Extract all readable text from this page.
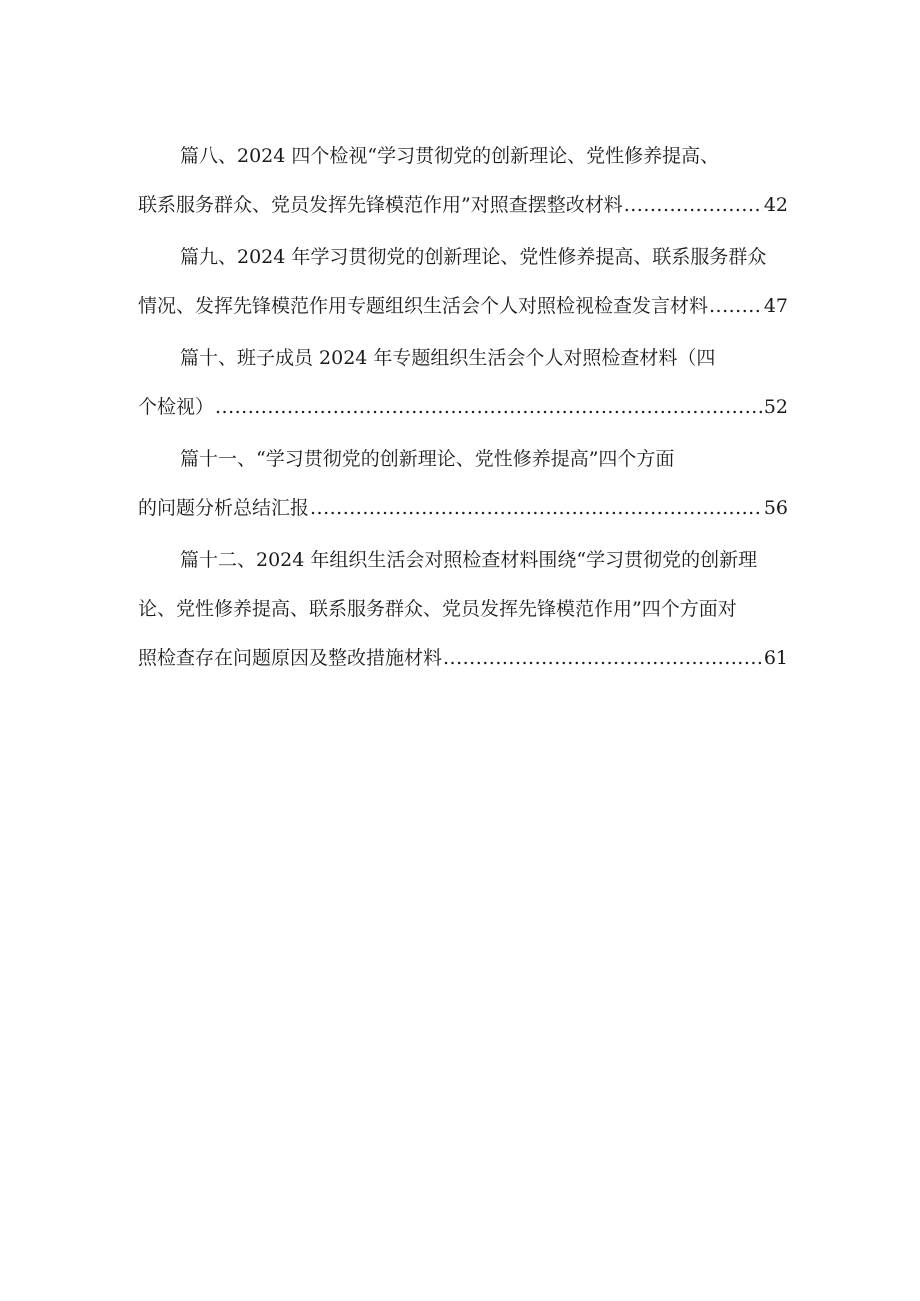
篇八、2024 四个检视“学习贯彻党的创新理论、党性修养提高、
联系服务群众、党员发挥先锋模范作用”对照查摆整改材料 .....	42
篇九、2024 年学习贯彻党的创新理论、党性修养提高、联系服务群众
情况、发挥先锋模范作用专题组织生活会个人对照检视检查发言材料 .....	47
篇十、班子成员 2024 年专题组织生活会个人对照检查材料（四
个检视） .....	52
篇十一、“学习贯彻党的创新理论、党性修养提高”四个方面
的问题分析总结汇报 .....	56
篇十二、2024 年组织生活会对照检查材料围绕“学习贯彻党的创新理
论、党性修养提高、联系服务群众、党员发挥先锋模范作用”四个方面对
照检查存在问题原因及整改措施材料 .....	61
